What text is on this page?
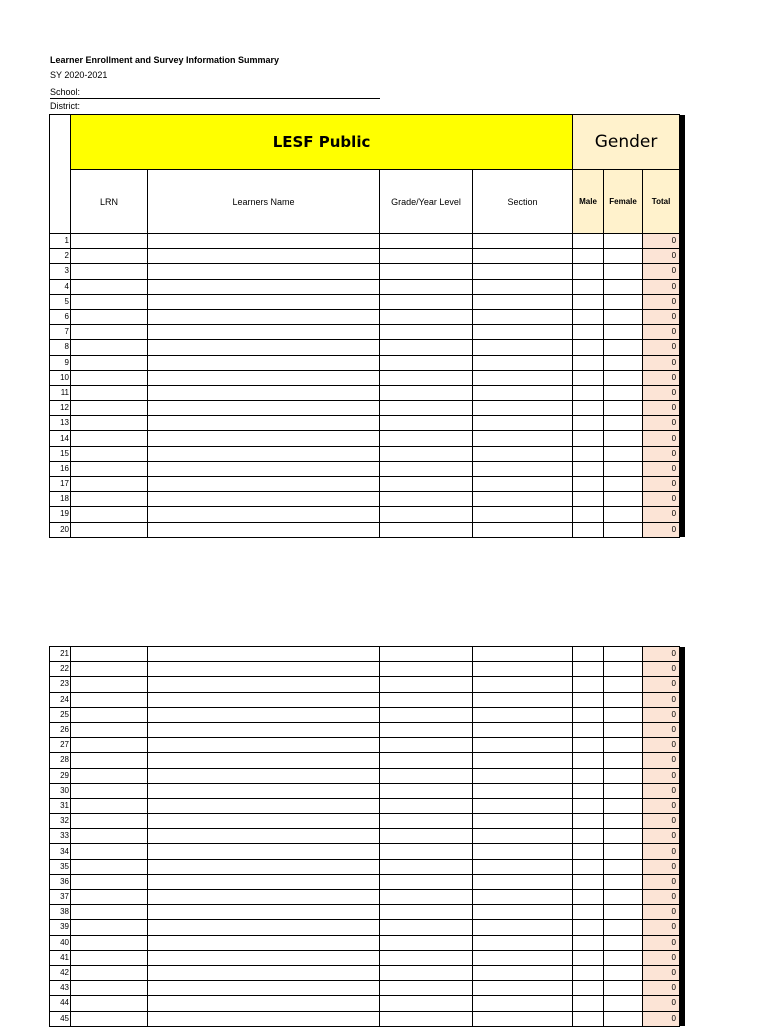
Learner Enrollment and Survey Information Summary
SY 2020-2021
School:
District:
	LESF Public				Gender			
	LRN	Learners Name	Grade/Year Level	Section	Male	Female	Total	
1							0	
2							0	
3							0	
4							0	
5							0	
6							0	
7							0	
8							0	
9							0	
10							0	
11							0	
12							0	
13							0	
14							0	
15							0	
16							0	
17							0	
18							0	
19							0	
20							0	
21							0	
22							0	
23							0	
24							0	
25							0	
26							0	
27							0	
28							0	
29							0	
30							0	
31							0	
32							0	
33							0	
34							0	
35							0	
36							0	
37							0	
38							0	
39							0	
40							0	
41							0	
42							0	
43							0	
44							0	
45							0	
